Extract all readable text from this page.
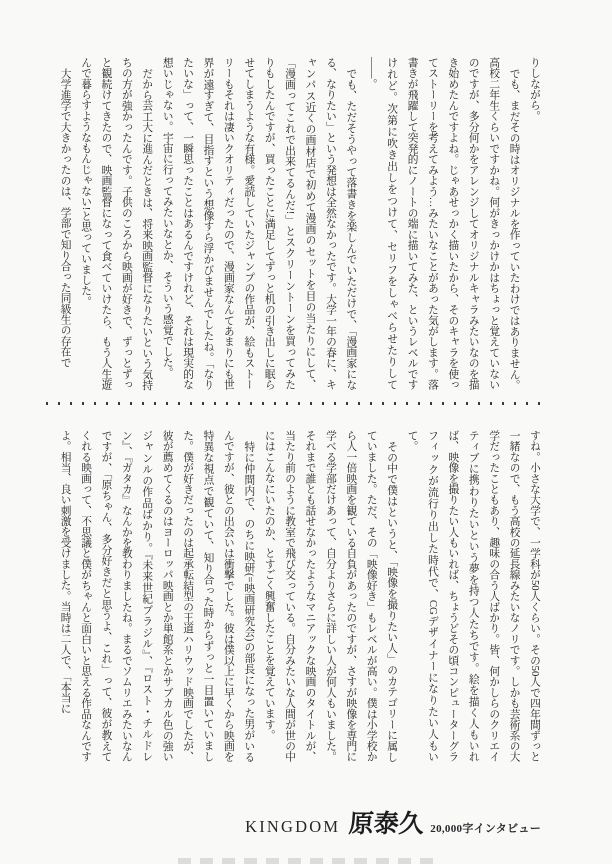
りしながら。

でも、まだその時はオリジナルを作っていたわけではありません。高校二年生くらいですかね。何がきっかけかはちょっと覚えていないのですが、多分何かをアレンジしてオリジナルキャラみたいなのを描き始めたんですよね。じゃあせっかく描いたから、そのキャラを使ってストーリーを考えてみよう…みたいなことがあった気がします。落書きが飛躍して突発的にノートの端に描いてみた、というレベルですけれど。次第に吹き出しをつけて、セリフをしゃべらせたりして――。

でも、ただそうやって落書きを楽しんでいただけで、「漫画家になる、なりたい」という発想は全然なかったです。大学一年の春に、キャンパス近くの画材店で初めて漫画のセットを目の当たりにして、「漫画ってこれで出来てるんだ!」とスクリーントーンを買ってみたりもしたんですが、買ったことに満足してずっと机の引き出しに眠らせてしまうような有様。愛読していたジャンプの作品が、絵もストーリーもそれは凄いクオリティだったので、漫画家なんてあまりにも世界が遠すぎて、目指すという想像すら浮かびませんでしたね。「なりたいな」って、一瞬思ったことはあるんですけれど、それは現実的な想いじゃない。宇宙に行ってみたいなとか、そういう感覚でした。

だから芸工大に進んだときは、将来映画監督になりたいという気持ちの方が強かったんです。子供のころから映画が好きで、ずっとずっと観続けてきたので、映画監督になって食べていけたら、もう人生遊んで暮らすようなもんじゃない!と思っていました。

大学進学で大きかったのは、学部で知り合った同級生の存在で

すね。小さな大学で、一学科が50人くらい。その50人で四年間ずっと一緒なので、もう高校の延長線みたいなノリです。しかも芸術系の大学だったこともあり、趣味の合う人ばかり。皆、何かしらのクリエイティブに携わりたいという夢を持つ人たちです。絵を描く人もいれば、映像を撮りたい人もいれば、ちょうどその頃コンピューターグラフィックが流行り出した時代で、CGデザイナーになりたい人もいて。

その中で僕はというと、「映像を撮りたい人」のカテゴリーに属していました。ただ、その「映像好き」もレベルが高い。僕は小学校から人一倍映画を観ている自負があったのですが、さすが映像を専門に学べる学部だけあって、自分よりさらに詳しい人が何人もいました。それまで誰とも話せなかったようなマニアックな映画のタイトルが、当たり前のように教室で飛び交っている。自分みたいな人間が世の中にはこんなにいたのか、とすごく興奮したことを覚えています。

特に仲間内で、のちに映研(=映画研究会)の部長になった男がいるんですが、彼との出会いは衝撃でした。彼は僕以上に早くから映画を特異な視点で観ていて、知り合った時からずっと一目置いていました。僕が好きだったのは起承転結型の王道ハリウッド映画でしたが、彼が薦めてくるのはヨーロッパ映画とか単館系とかサブカル色の強いジャンルの作品ばかり。『未来世紀ブラジル』、『ロスト・チルドレン』、『ガタカ』なんかを教わりましたね。まるでソムリエみたいなんですが、「原ちゃん、多分好きだと思うよ、これ」って、彼が教えてくれる映画って、不思議と僕がちゃんと面白いと思える作品なんですよ。相当、良い刺激を受けました。当時は二人で、「本当に

KINGDOM 原泰久 20,000字インタビュー
